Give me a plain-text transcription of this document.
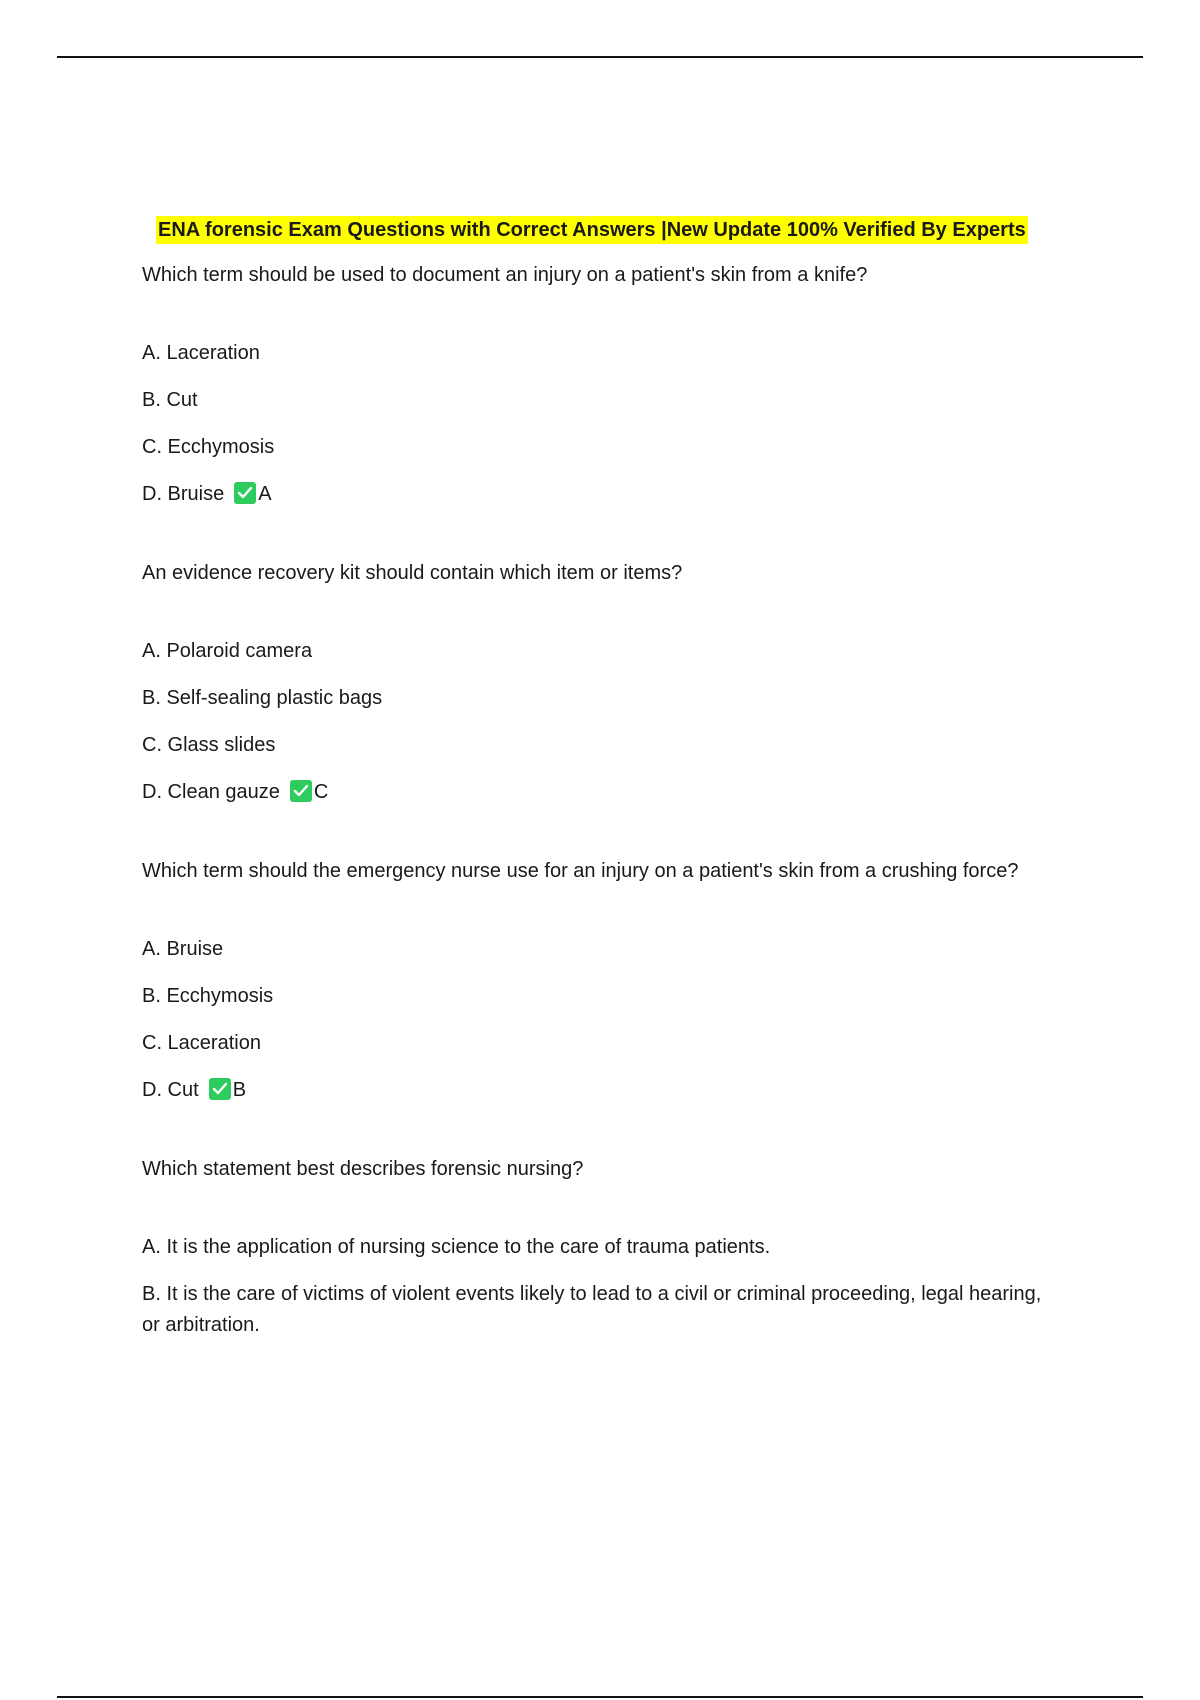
ENA forensic Exam Questions with Correct Answers |New Update 100% Verified By Experts
Which term should be used to document an injury on a patient's skin from a knife?
A. Laceration
B. Cut
C. Ecchymosis
D. Bruise A
An evidence recovery kit should contain which item or items?
A. Polaroid camera
B. Self-sealing plastic bags
C. Glass slides
D. Clean gauze C
Which term should the emergency nurse use for an injury on a patient's skin from a crushing force?
A. Bruise
B. Ecchymosis
C. Laceration
D. Cut B
Which statement best describes forensic nursing?
A. It is the application of nursing science to the care of trauma patients.
B. It is the care of victims of violent events likely to lead to a civil or criminal proceeding, legal hearing, or arbitration.
